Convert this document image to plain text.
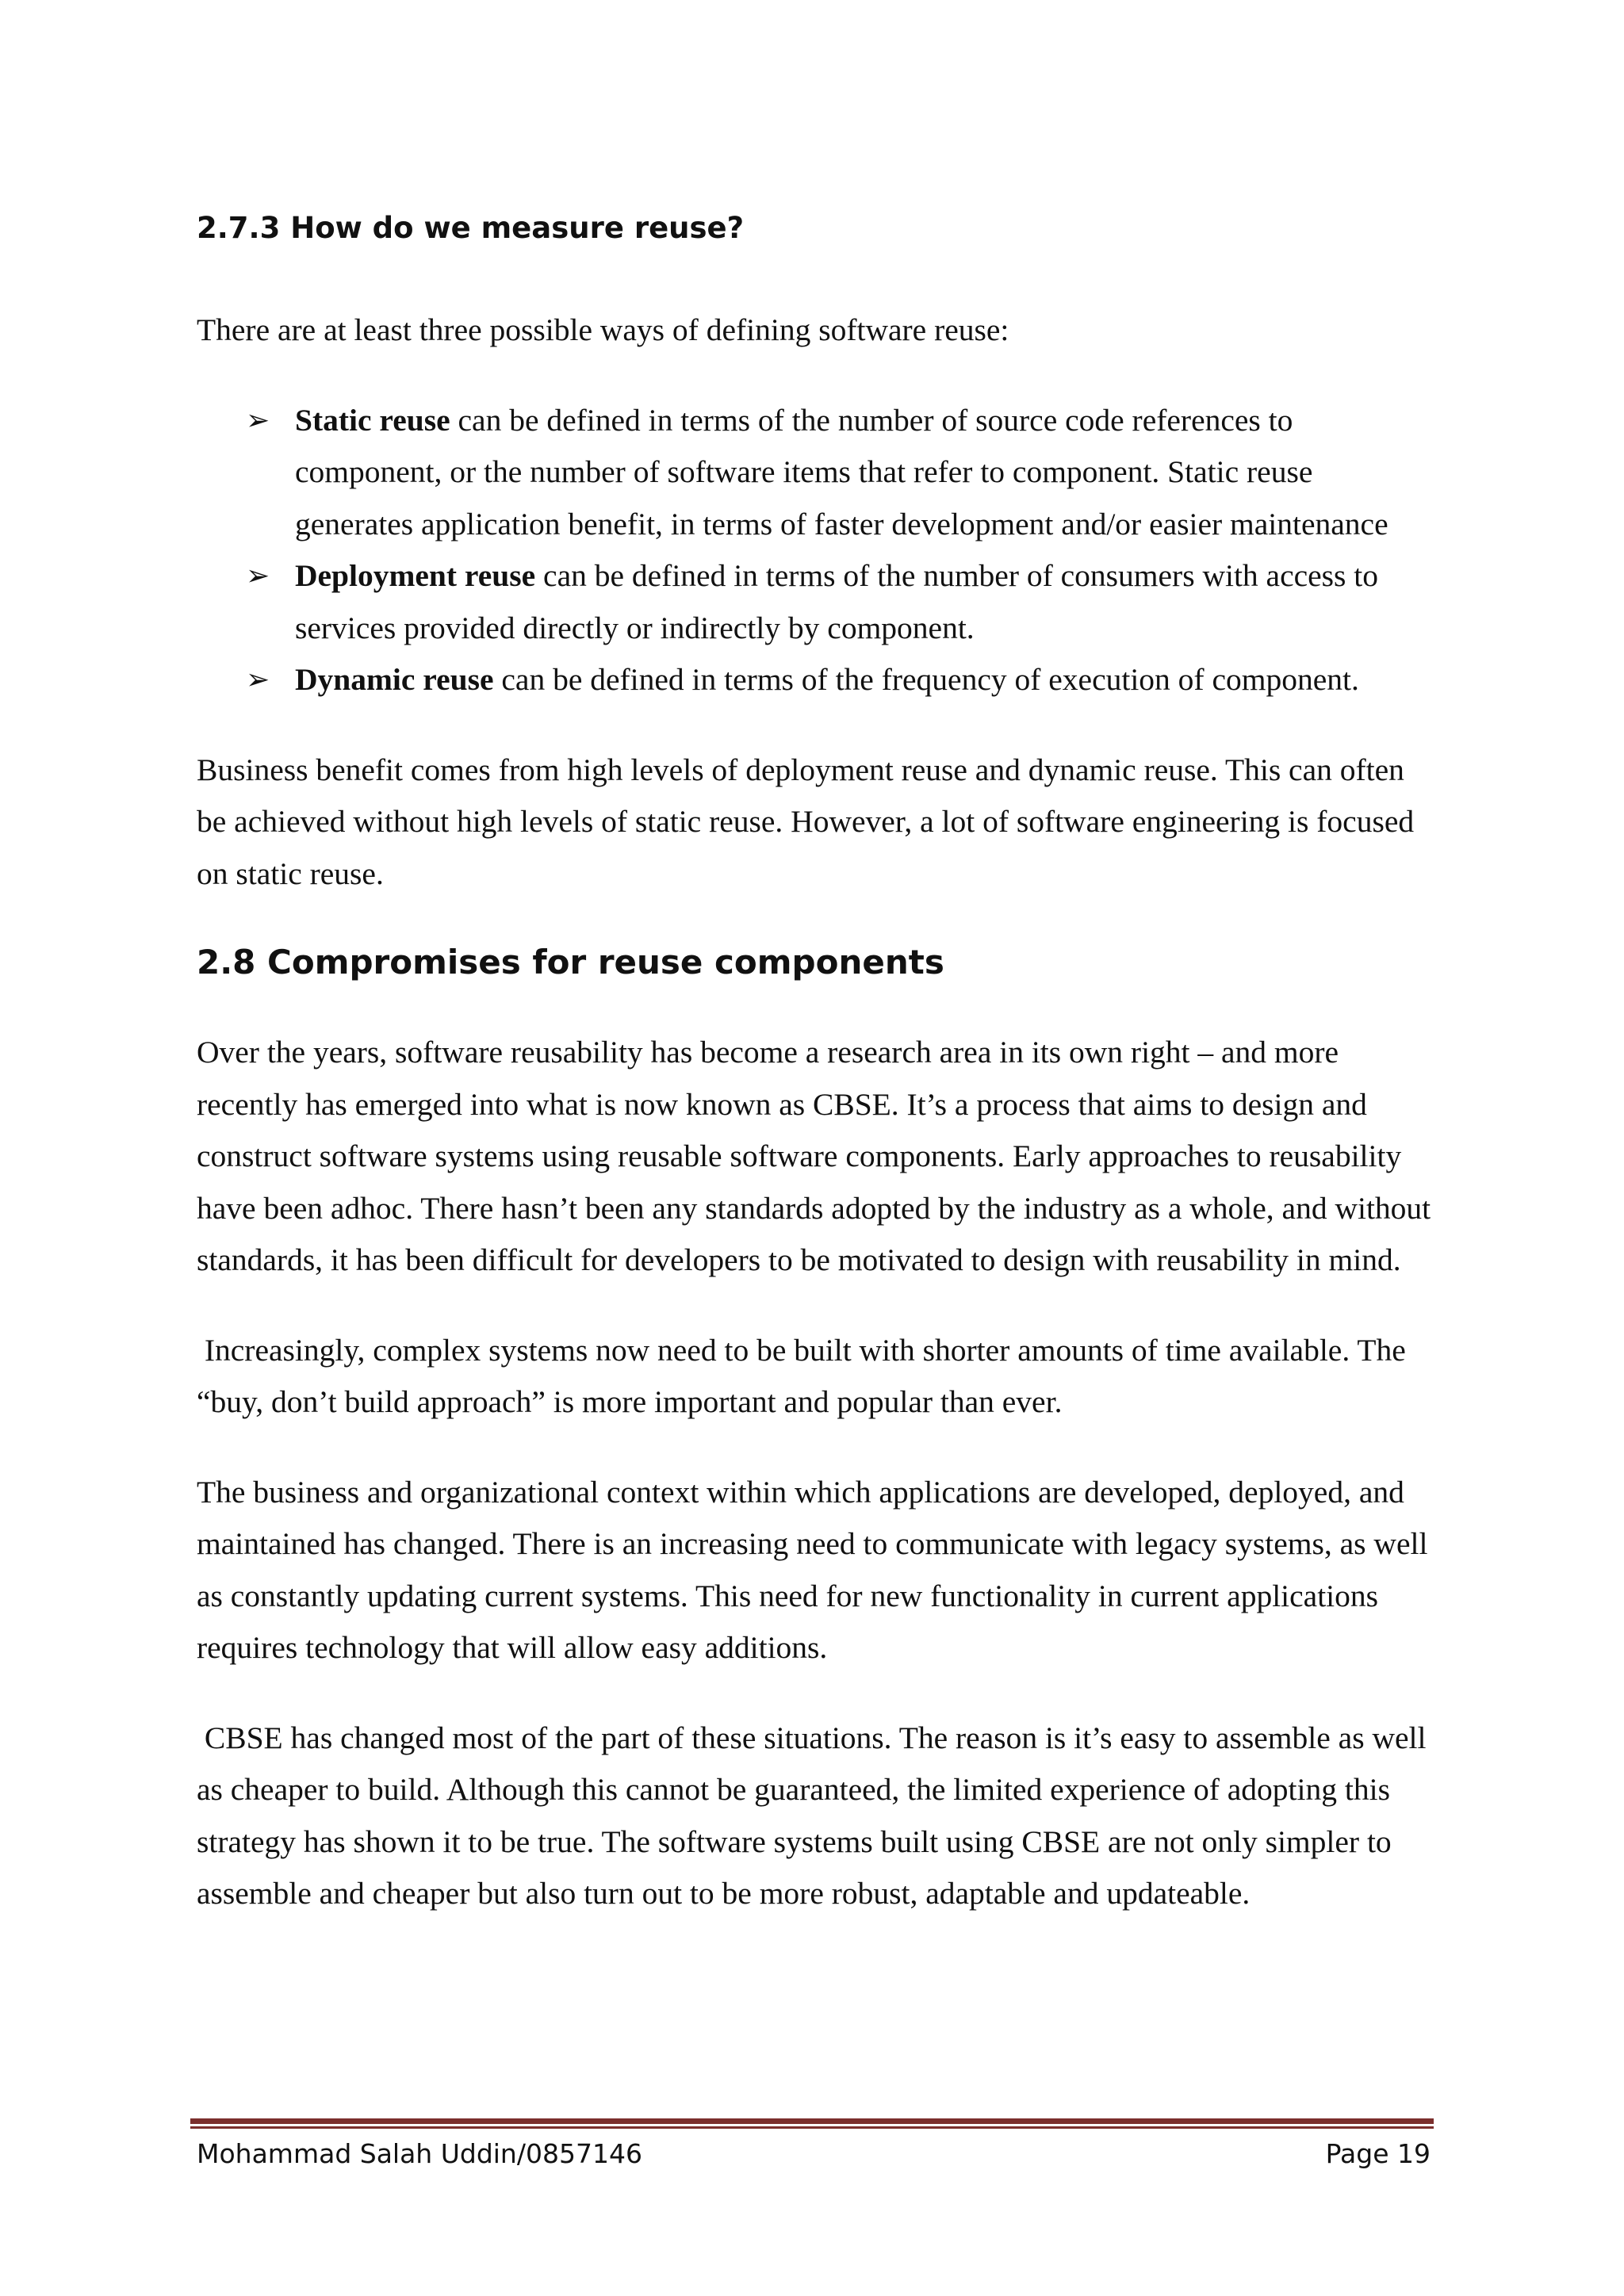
2.7.3 How do we measure reuse?

There are at least three possible ways of defining software reuse:

➢ Static reuse can be defined in terms of the number of source code references to component, or the number of software items that refer to component. Static reuse generates application benefit, in terms of faster development and/or easier maintenance
➢ Deployment reuse can be defined in terms of the number of consumers with access to services provided directly or indirectly by component.
➢ Dynamic reuse can be defined in terms of the frequency of execution of component.

Business benefit comes from high levels of deployment reuse and dynamic reuse. This can often be achieved without high levels of static reuse. However, a lot of software engineering is focused on static reuse.

2.8 Compromises for reuse components

Over the years, software reusability has become a research area in its own right – and more recently has emerged into what is now known as CBSE. It’s a process that aims to design and construct software systems using reusable software components. Early approaches to reusability have been adhoc. There hasn’t been any standards adopted by the industry as a whole, and without standards, it has been difficult for developers to be motivated to design with reusability in mind.

Increasingly, complex systems now need to be built with shorter amounts of time available. The “buy, don’t build approach” is more important and popular than ever.

The business and organizational context within which applications are developed, deployed, and maintained has changed. There is an increasing need to communicate with legacy systems, as well as constantly updating current systems. This need for new functionality in current applications requires technology that will allow easy additions.

CBSE has changed most of the part of these situations. The reason is it’s easy to assemble as well as cheaper to build. Although this cannot be guaranteed, the limited experience of adopting this strategy has shown it to be true. The software systems built using CBSE are not only simpler to assemble and cheaper but also turn out to be more robust, adaptable and updateable.

Mohammad Salah Uddin/0857146	Page 19
